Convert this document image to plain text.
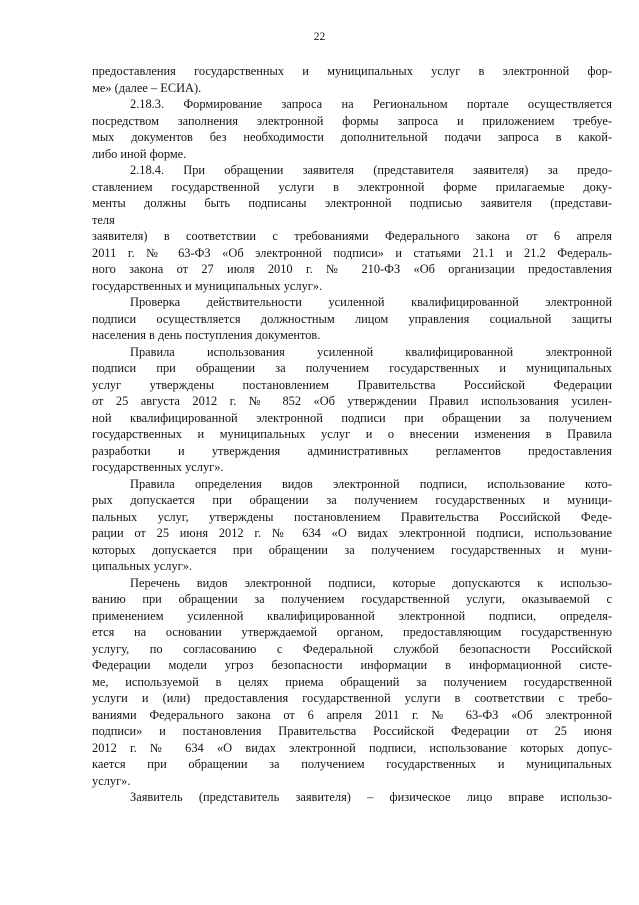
22
предоставления государственных и муниципальных услуг в электронной фор-
ме» (далее – ЕСИА).
2.18.3. Формирование запроса на Региональном портале осуществляется
посредством заполнения электронной формы запроса и приложением требуе-
мых документов без необходимости дополнительной подачи запроса в какой-
либо иной форме.
2.18.4. При обращении заявителя (представителя заявителя) за предо-
ставлением государственной услуги в электронной форме прилагаемые доку-
менты должны быть подписаны электронной подписью заявителя (представи-
теля
заявителя) в соответствии с требованиями Федерального закона от 6 апреля
2011 г. № 63-ФЗ «Об электронной подписи» и статьями 21.1 и 21.2 Федераль-
ного закона от 27 июля 2010 г. № 210-ФЗ «Об организации предоставления
государственных и муниципальных услуг».
Проверка действительности усиленной квалифицированной электронной
подписи осуществляется должностным лицом управления социальной защиты
населения в день поступления документов.
Правила использования усиленной квалифицированной электронной
подписи при обращении за получением государственных и муниципальных
услуг утверждены постановлением Правительства Российской Федерации
от 25 августа 2012 г. № 852 «Об утверждении Правил использования усилен-
ной квалифицированной электронной подписи при обращении за получением
государственных и муниципальных услуг и о внесении изменения в Правила
разработки и утверждения административных регламентов предоставления
государственных услуг».
Правила определения видов электронной подписи, использование кото-
рых допускается при обращении за получением государственных и муници-
пальных услуг, утверждены постановлением Правительства Российской Феде-
рации от 25 июня 2012 г. № 634 «О видах электронной подписи, использование
которых допускается при обращении за получением государственных и муни-
ципальных услуг».
Перечень видов электронной подписи, которые допускаются к использо-
ванию при обращении за получением государственной услуги, оказываемой с
применением усиленной квалифицированной электронной подписи, определя-
ется на основании утверждаемой органом, предоставляющим государственную
услугу, по согласованию с Федеральной службой безопасности Российской
Федерации модели угроз безопасности информации в информационной систе-
ме, используемой в целях приема обращений за получением государственной
услуги и (или) предоставления государственной услуги в соответствии с требо-
ваниями Федерального закона от 6 апреля 2011 г. № 63-ФЗ «Об электронной
подписи» и постановления Правительства Российской Федерации от 25 июня
2012 г. № 634 «О видах электронной подписи, использование которых допус-
кается при обращении за получением государственных и муниципальных
услуг».
Заявитель (представитель заявителя) – физическое лицо вправе использо-
